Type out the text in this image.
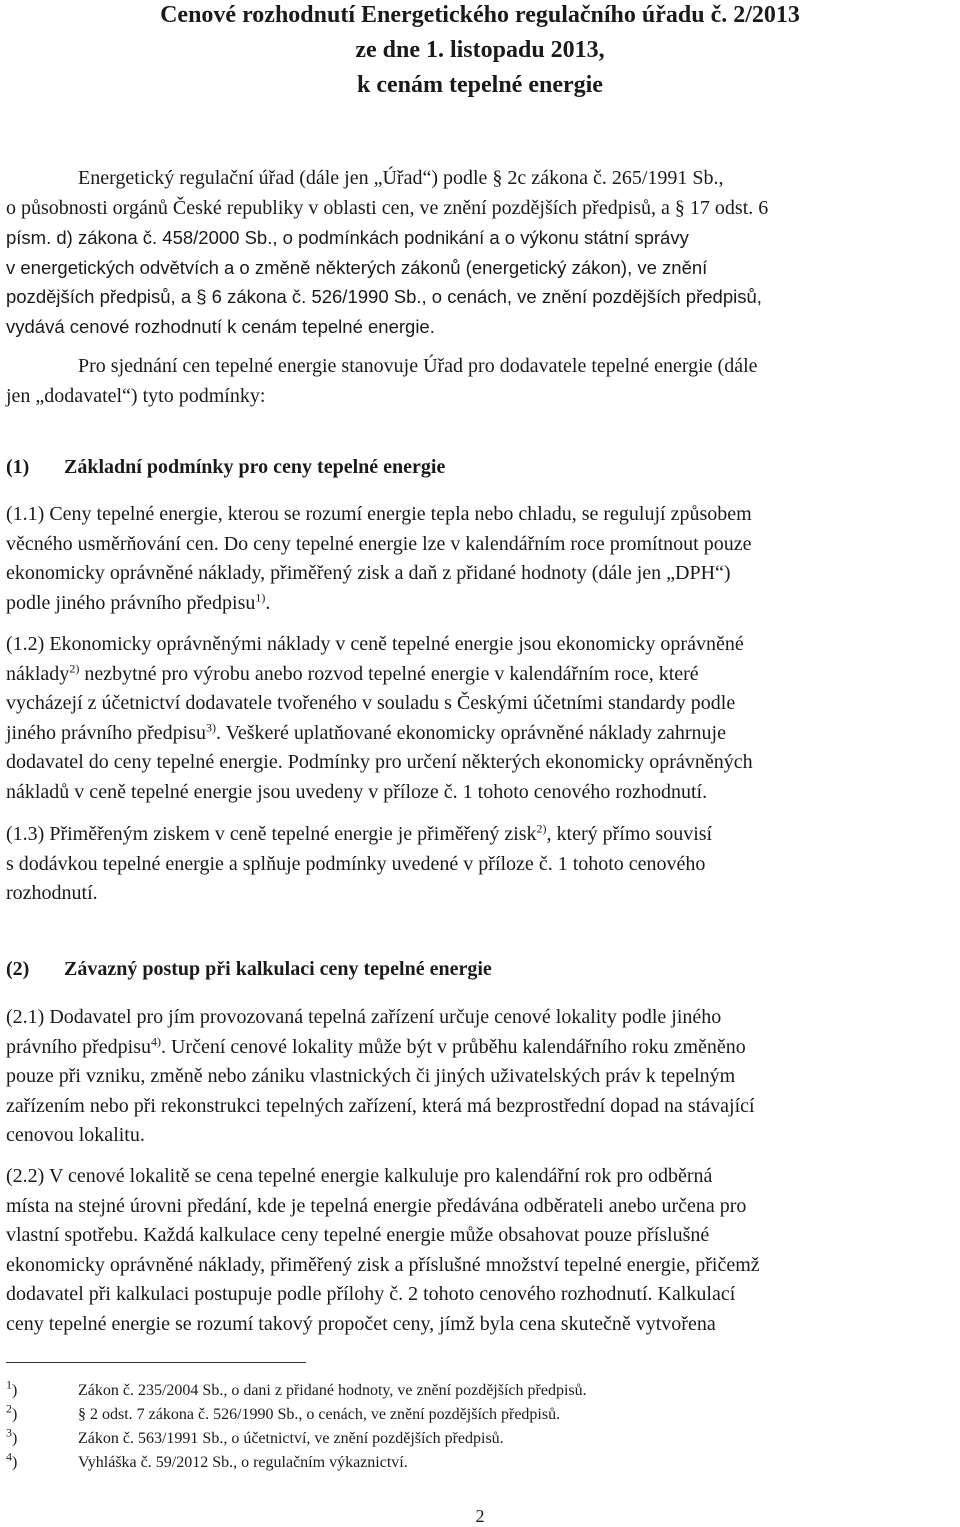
Cenové rozhodnutí Energetického regulačního úřadu č. 2/2013
ze dne 1. listopadu 2013,
k cenám tepelné energie
Energetický regulační úřad (dále jen „Úřad“) podle § 2c zákona č. 265/1991 Sb.,
o působnosti orgánů České republiky v oblasti cen, ve znění pozdějších předpisů, a § 17 odst. 6
písm. d) zákona č. 458/2000 Sb., o podmínkách podnikání a o výkonu státní správy
v energetických odvětvích a o změně některých zákonů (energetický zákon), ve znění
pozdějších předpisů, a § 6 zákona č. 526/1990 Sb., o cenách, ve znění pozdějších předpisů,
vydává cenové rozhodnutí k cenám tepelné energie.
Pro sjednání cen tepelné energie stanovuje Úřad pro dodavatele tepelné energie (dále
jen „dodavatel“) tyto podmínky:
(1) Základní podmínky pro ceny tepelné energie
(1.1) Ceny tepelné energie, kterou se rozumí energie tepla nebo chladu, se regulují způsobem
věcného usměrňování cen. Do ceny tepelné energie lze v kalendářním roce promítnout pouze
ekonomicky oprávněné náklady, přiměřený zisk a daň z přidané hodnoty (dále jen „DPH“)
podle jiného právního předpisu$^{1)}$.
(1.2) Ekonomicky oprávněnými náklady v ceně tepelné energie jsou ekonomicky oprávněné
náklady$^{2)}$ nezbytné pro výrobu anebo rozvod tepelné energie v kalendářním roce, které
vycházejí z účetnictví dodavatele tvořeného v souladu s Českými účetními standardy podle
jiného právního předpisu$^{3)}$. Veškeré uplatňované ekonomicky oprávněné náklady zahrnuje
dodavatel do ceny tepelné energie. Podmínky pro určení některých ekonomicky oprávněných
nákladů v ceně tepelné energie jsou uvedeny v příloze č. 1 tohoto cenového rozhodnutí.
(1.3) Přiměřeným ziskem v ceně tepelné energie je přiměřený zisk$^{2)}$, který přímo souvisí
s dodávkou tepelné energie a splňuje podmínky uvedené v příloze č. 1 tohoto cenového
rozhodnutí.
(2) Závazný postup při kalkulaci ceny tepelné energie
(2.1) Dodavatel pro jím provozovaná tepelná zařízení určuje cenové lokality podle jiného
právního předpisu$^{4)}$. Určení cenové lokality může být v průběhu kalendářního roku změněno
pouze při vzniku, změně nebo zániku vlastnických či jiných uživatelských práv k tepelným
zařízením nebo při rekonstrukci tepelných zařízení, která má bezprostřední dopad na stávající
cenovou lokalitu.
(2.2) V cenové lokalitě se cena tepelné energie kalkuluje pro kalendářní rok pro odběrná
místa na stejné úrovni předání, kde je tepelná energie předávána odběrateli anebo určena pro
vlastní spotřebu. Každá kalkulace ceny tepelné energie může obsahovat pouze příslušné
ekonomicky oprávněné náklady, přiměřený zisk a příslušné množství tepelné energie, přičemž
dodavatel při kalkulaci postupuje podle přílohy č. 2 tohoto cenového rozhodnutí. Kalkulací
ceny tepelné energie se rozumí takový propočet ceny, jímž byla cena skutečně vytvořena
$^1$)	Zákon č. 235/2004 Sb., o dani z přidané hodnoty, ve znění pozdějších předpisů.
$^2$)	§ 2 odst. 7 zákona č. 526/1990 Sb., o cenách, ve znění pozdějších předpisů.
$^3$)	Zákon č. 563/1991 Sb., o účetnictví, ve znění pozdějších předpisů.
$^4$)	Vyhláška č. 59/2012 Sb., o regulačním výkaznictví.
2
